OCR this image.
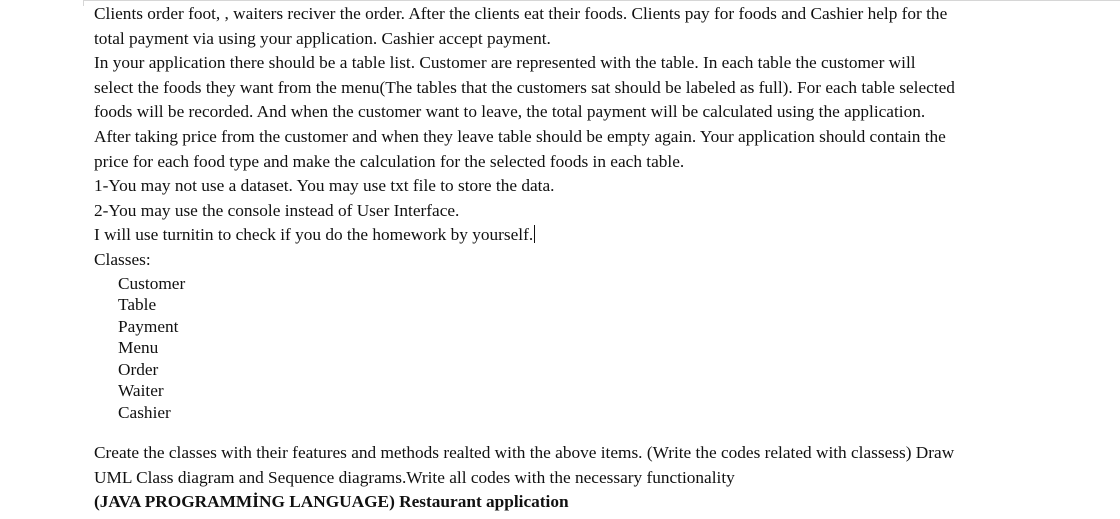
Clients order foot, , waiters reciver the order. After the clients eat their foods. Clients pay for foods and Cashier help for the

total payment via using your application. Cashier accept payment.

In your application there should be a table list. Customer are represented with the table. In each table the customer will

select the foods they want from the menu(The tables that the customers sat should be labeled as full). For each table selected

foods will be recorded. And when the customer want to leave, the total payment will be calculated using the application.

After taking price from the customer and when they leave table should be empty again. Your application should contain the

price for each food type and make the calculation for the selected foods in each table.

1-You may not use a dataset. You may use txt file to store the data.

2-You may use the console instead of User Interface.

I will use turnitin to check if you do the homework by yourself.

Classes:
Customer
Table
Payment
Menu
Order
Waiter
Cashier

Create the classes with their features and methods realted with the above items. (Write the codes related with classess) Draw

UML Class diagram and Sequence diagrams.Write all codes with the necessary functionality

(JAVA PROGRAMMİNG LANGUAGE) Restaurant application
